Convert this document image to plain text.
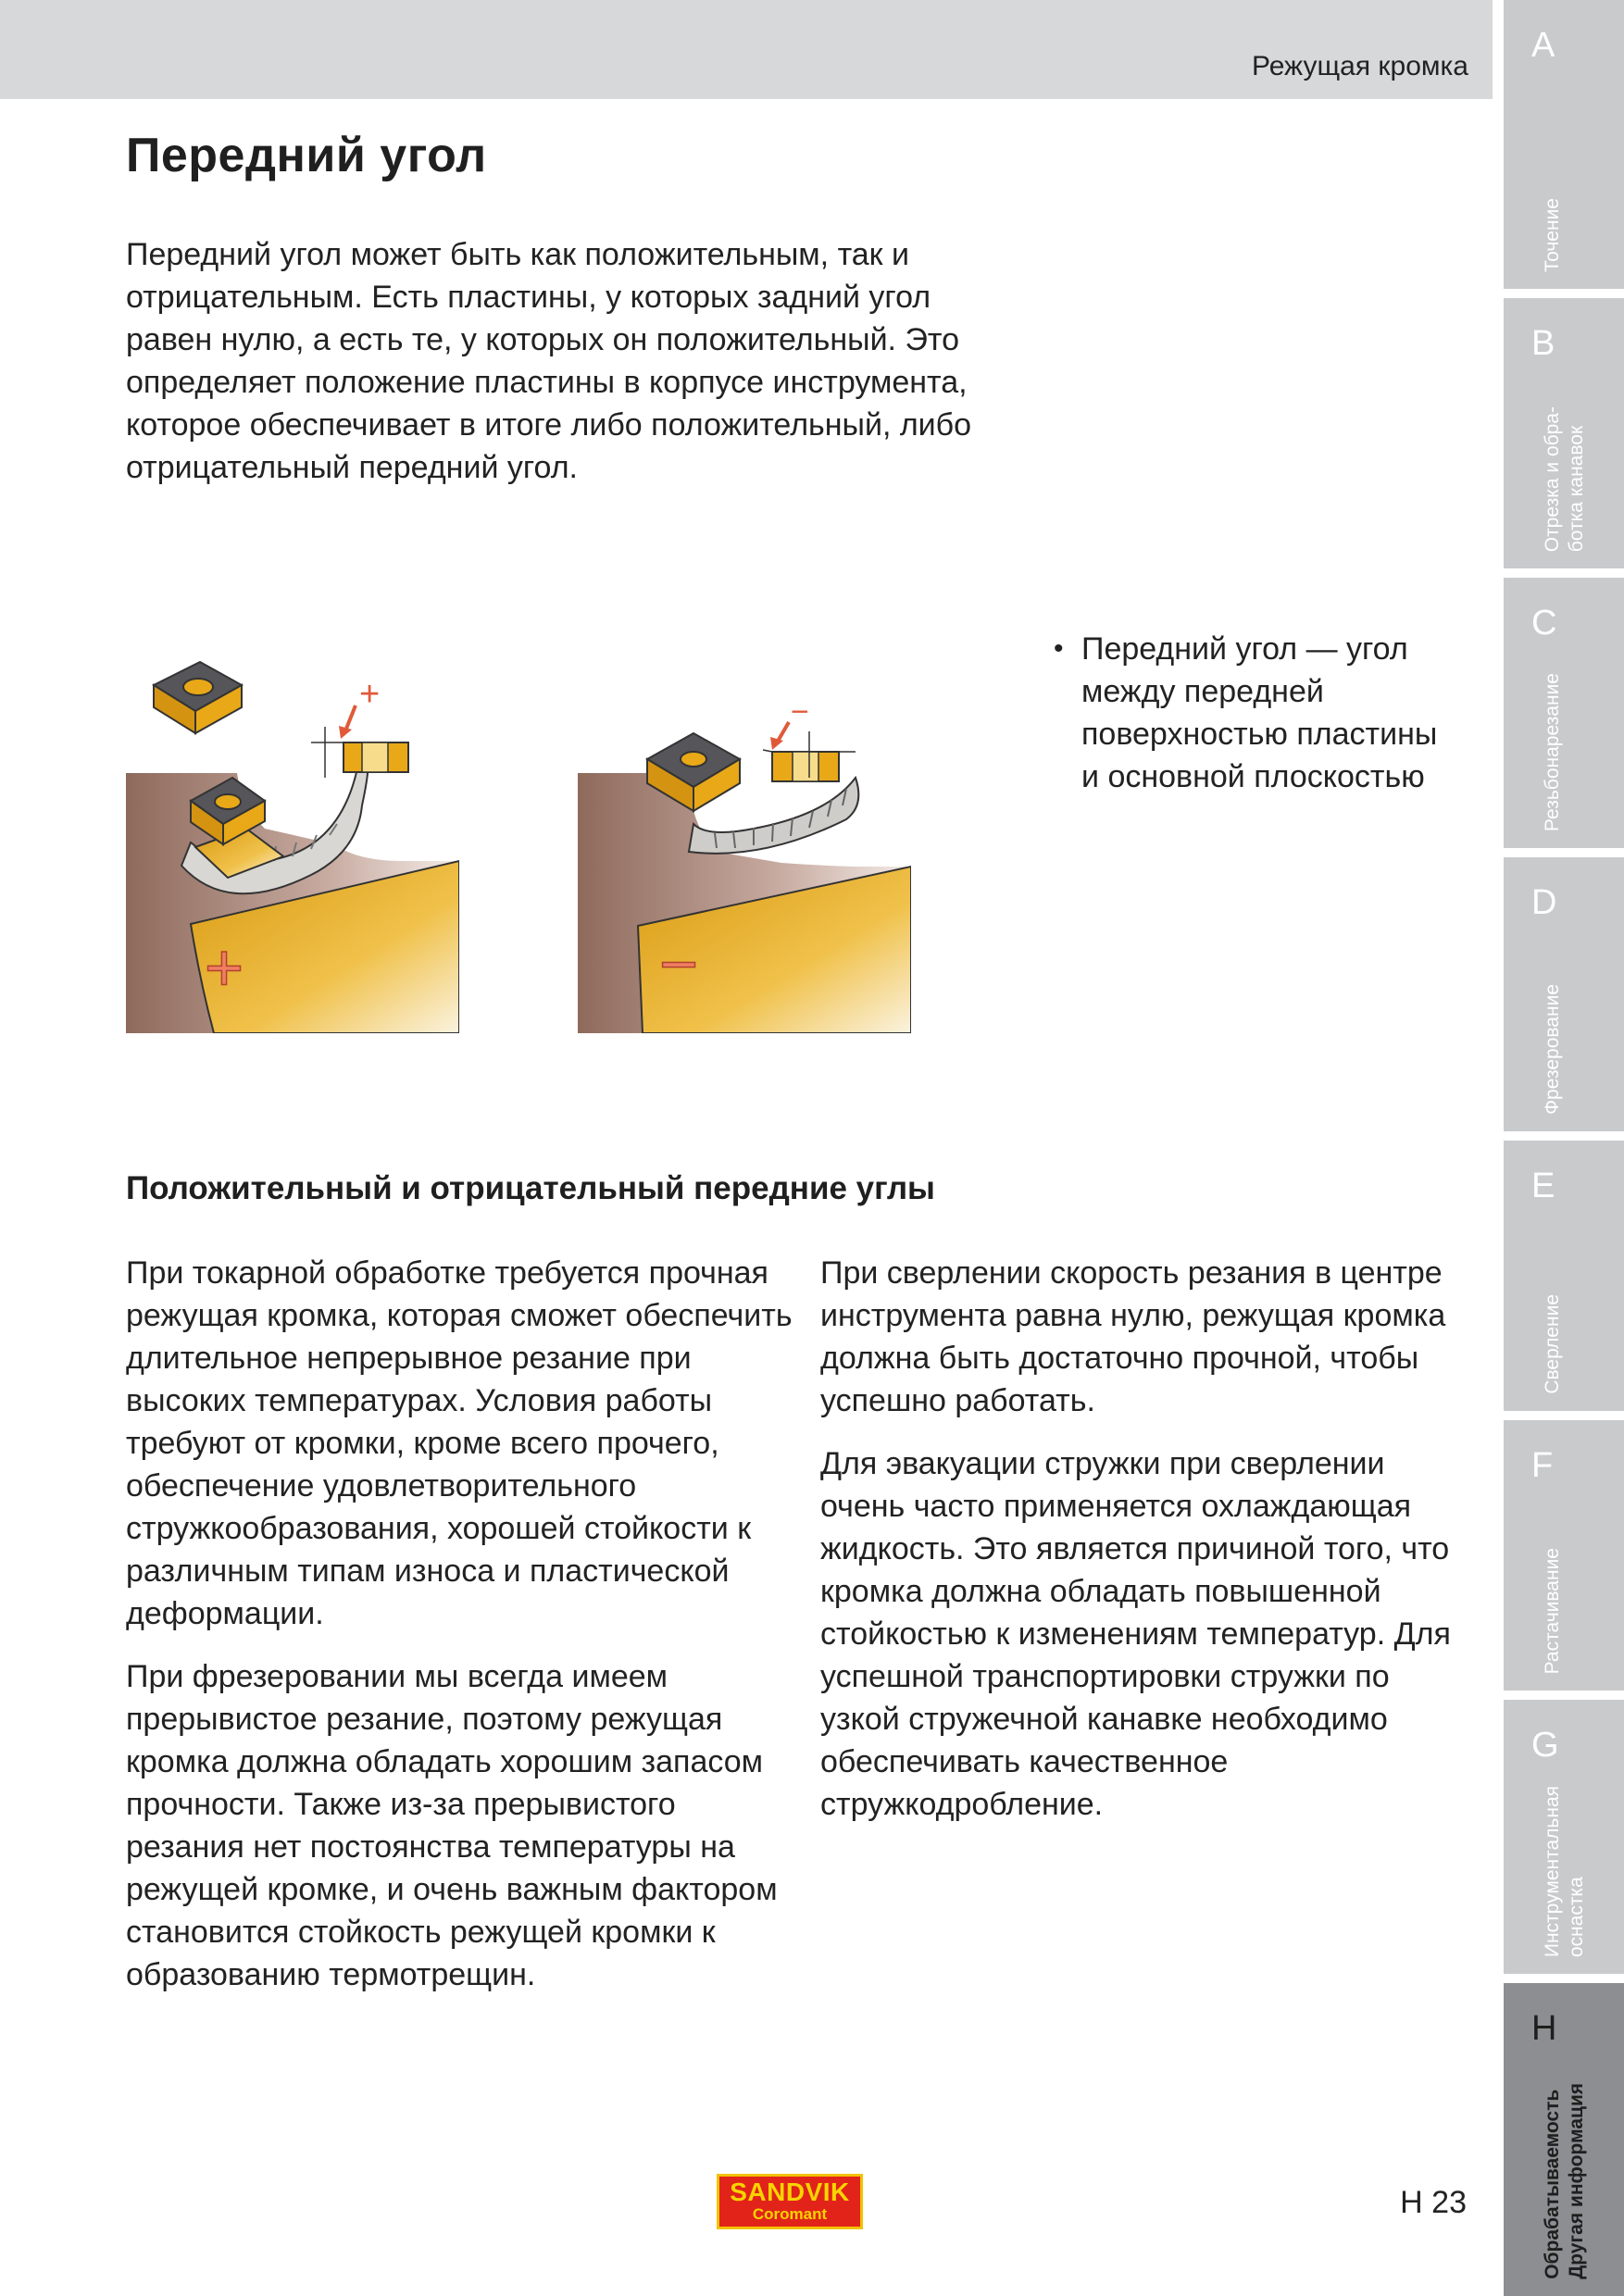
Режущая кромка
Передний угол
Передний угол может быть как положительным, так и отрицательным. Есть пластины, у которых задний угол равен нулю, а есть те, у которых он положительный. Это определяет положение пластины в корпусе инструмента, которое обеспечивает в итоге либо положительный, либо отрицательный передний угол.
+
+
−
−
• Передний угол — угол между передней поверхностью пластины и основной плоскостью
Положительный и отрицательный передние углы

При токарной обработке требуется прочная режущая кромка, которая сможет обеспечить длительное непрерывное резание при высоких температурах. Условия работы требуют от кромки, кроме всего прочего, обеспечение удовлетворительного стружкообразования, хорошей стойкости к различным типам износа и пластической деформации.

При фрезеровании мы всегда имеем прерывистое резание, поэтому режущая кромка должна обладать хорошим запасом прочности. Также из-за прерывистого резания нет постоянства температуры на режущей кромке, и очень важным фактором становится стойкость режущей кромки к образованию термотрещин.

При сверлении скорость резания в центре инструмента равна нулю, режущая кромка должна быть достаточно прочной, чтобы успешно работать.

Для эвакуации стружки при сверлении очень часто применяется охлаждающая жидкость. Это является причиной того, что кромка должна обладать повышенной стойкостью к изменениям температур. Для успешной транспортировки стружки по узкой стружечной канавке необходимо обеспечивать качественное стружкодробление.

A
Точение
B
Отрезка и обра-
ботка канавок
C
Резьбонарезание
D
Фрезерование
E
Сверление
F
Растачивание
G
Инструментальная
оснастка
H
Обрабатываемость
Другая информация
SANDVIK
Coromant	H 23
